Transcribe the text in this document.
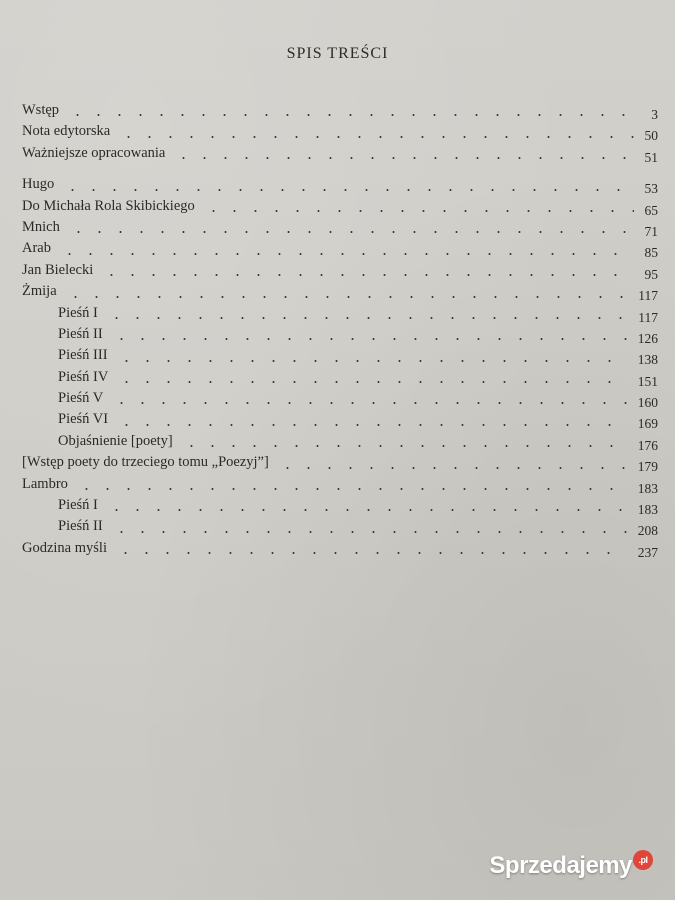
SPIS TREŚCI
Wstęp	3
Nota edytorska	50
Ważniejsze opracowania	51
Hugo	53
Do Michała Rola Skibickiego	65
Mnich	71
Arab	85
Jan Bielecki	95
Żmija	117
Pieśń I	117
Pieśń II	126
Pieśń III	138
Pieśń IV	151
Pieśń V	160
Pieśń VI	169
Objaśnienie [poety]	176
[Wstęp poety do trzeciego tomu „Poezyj”]	179
Lambro	183
Pieśń I	183
Pieśń II	208
Godzina myśli	237
Sprzedajemy .pl
